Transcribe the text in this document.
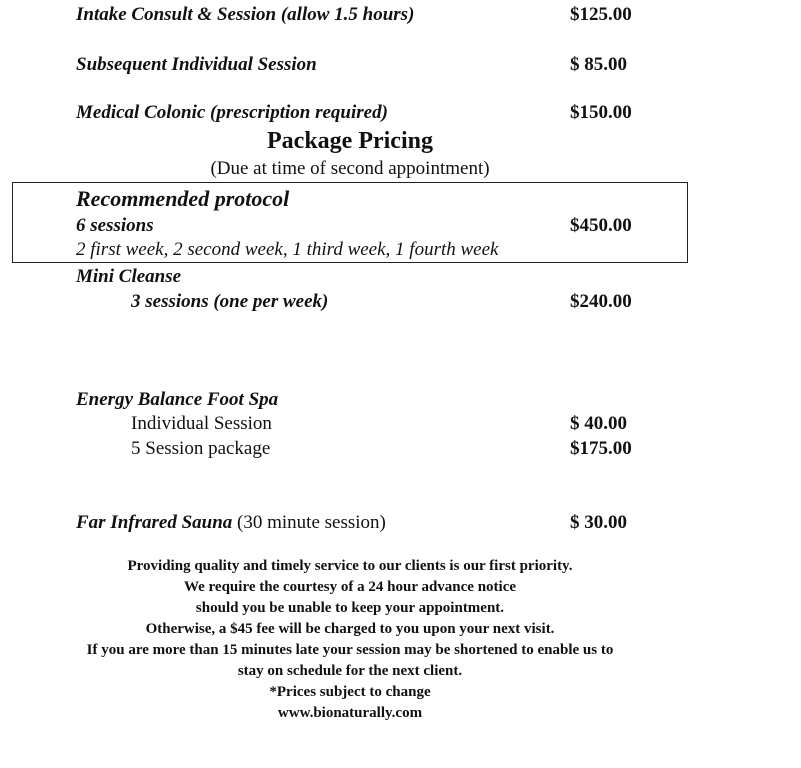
Intake Consult & Session (allow 1.5 hours)	$125.00
Subsequent Individual Session	$ 85.00
Medical Colonic (prescription required)	$150.00
Package Pricing
(Due at time of second appointment)
Recommended protocol
6 sessions	$450.00
2 first week, 2 second week, 1 third week, 1 fourth week
Mini Cleanse
3 sessions (one per week)	$240.00
Energy Balance Foot Spa
Individual Session	$ 40.00
5 Session package	$175.00
Far Infrared Sauna (30 minute session)	$ 30.00
Providing quality and timely service to our clients is our first priority.
We require the courtesy of a 24 hour advance notice
should you be unable to keep your appointment.
Otherwise, a $45 fee will be charged to you upon your next visit.
If you are more than 15 minutes late your session may be shortened to enable us to
stay on schedule for the next client.
*Prices subject to change
www.bionaturally.com
